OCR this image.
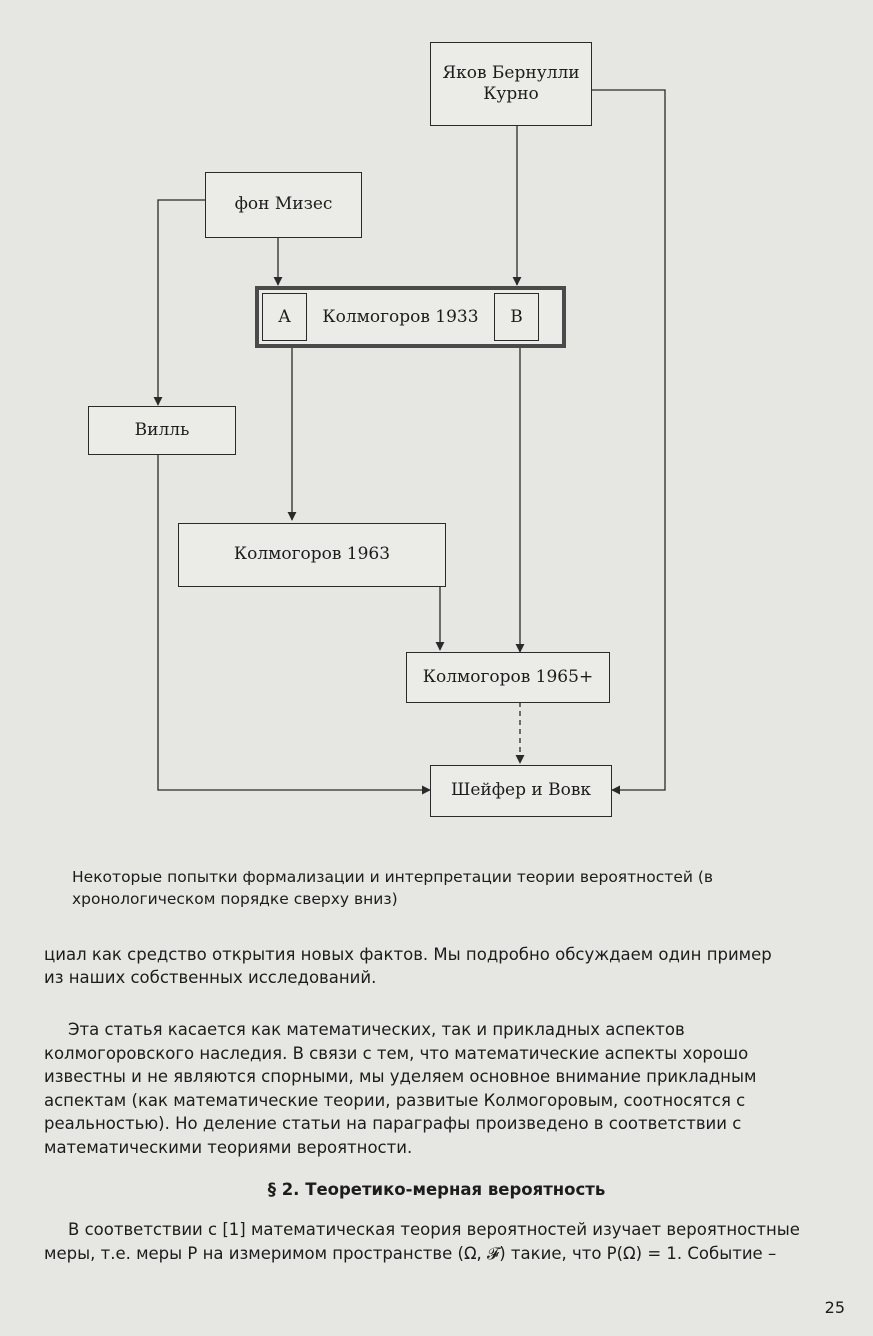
Яков Бернулли
Курно
фон Мизес
A	B
Колмогоров 1933
Вилль
Колмогоров 1963
Колмогоров 1965+
Шейфер и Вовк
Некоторые попытки формализации и интерпретации теории вероятностей (в хронологическом порядке сверху вниз)
циал как средство открытия новых фактов. Мы подробно обсуждаем один пример
из наших собственных исследований.

Эта статья касается как математических, так и прикладных аспектов колмогоровского наследия. В связи с тем, что математические аспекты хорошо известны и не являются спорными, мы уделяем основное внимание прикладным аспектам (как математические теории, развитые Колмогоровым, соотносятся с реальностью). Но деление статьи на параграфы произведено в соответствии с математическими теориями вероятности.

§ 2. Теоретико-мерная вероятность

В соответствии с [1] математическая теория вероятностей изучает вероятностные меры, т.е. меры P на измеримом пространстве (Ω, 𝓕) такие, что P(Ω) = 1. Событие –

25
